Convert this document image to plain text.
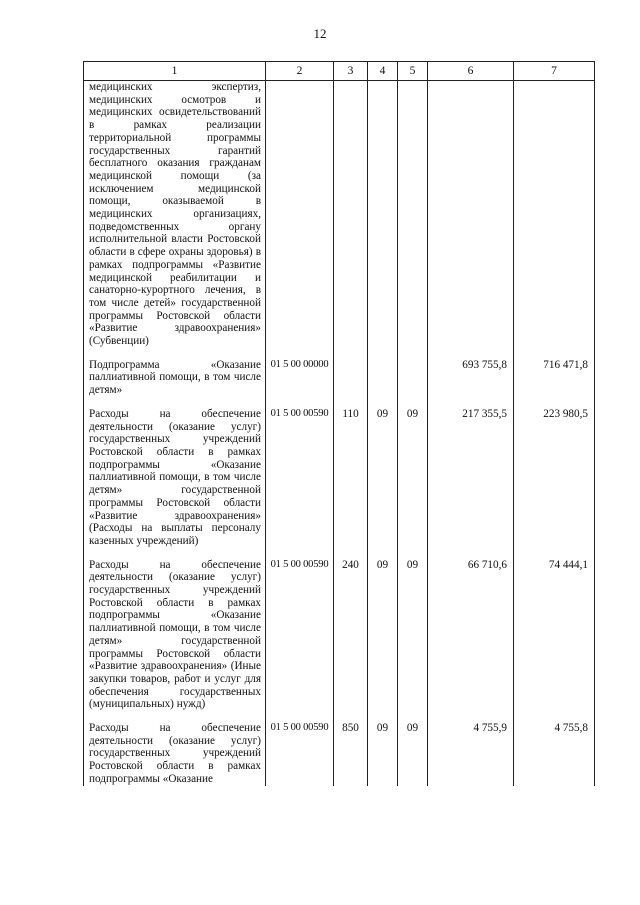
12
1	2	3	4	5	6	7
медицинских экспертиз, медицинских осмотров и медицинских освидетельствований в рамках реализации территориальной программы государственных гарантий бесплатного оказания гражданам медицинской помощи (за исключением медицинской помощи, оказываемой в медицинских организациях, подведомственных органу исполнительной власти Ростовской области в сфере охраны здоровья) в рамках подпрограммы «Развитие медицинской реабилитации и санаторно-курортного лечения, в том числе детей» государственной программы Ростовской области «Развитие здравоохранения» (Субвенции)						

Подпрограмма «Оказание паллиативной помощи, в том числе детям»	01 5 00 00000				693 755,8	716 471,8

Расходы на обеспечение деятельности (оказание услуг) государственных учреждений Ростовской области в рамках подпрограммы «Оказание паллиативной помощи, в том числе детям» государственной программы Ростовской области «Развитие здравоохранения» (Расходы на выплаты персоналу казенных учреждений)	01 5 00 00590	110	09	09	217 355,5	223 980,5

Расходы на обеспечение деятельности (оказание услуг) государственных учреждений Ростовской области в рамках подпрограммы «Оказание паллиативной помощи, в том числе детям» государственной программы Ростовской области «Развитие здравоохранения» (Иные закупки товаров, работ и услуг для обеспечения государственных (муниципальных) нужд)	01 5 00 00590	240	09	09	66 710,6	74 444,1

Расходы на обеспечение деятельности (оказание услуг) государственных учреждений Ростовской области в рамках подпрограммы «Оказание	01 5 00 00590	850	09	09	4 755,9	4 755,8
